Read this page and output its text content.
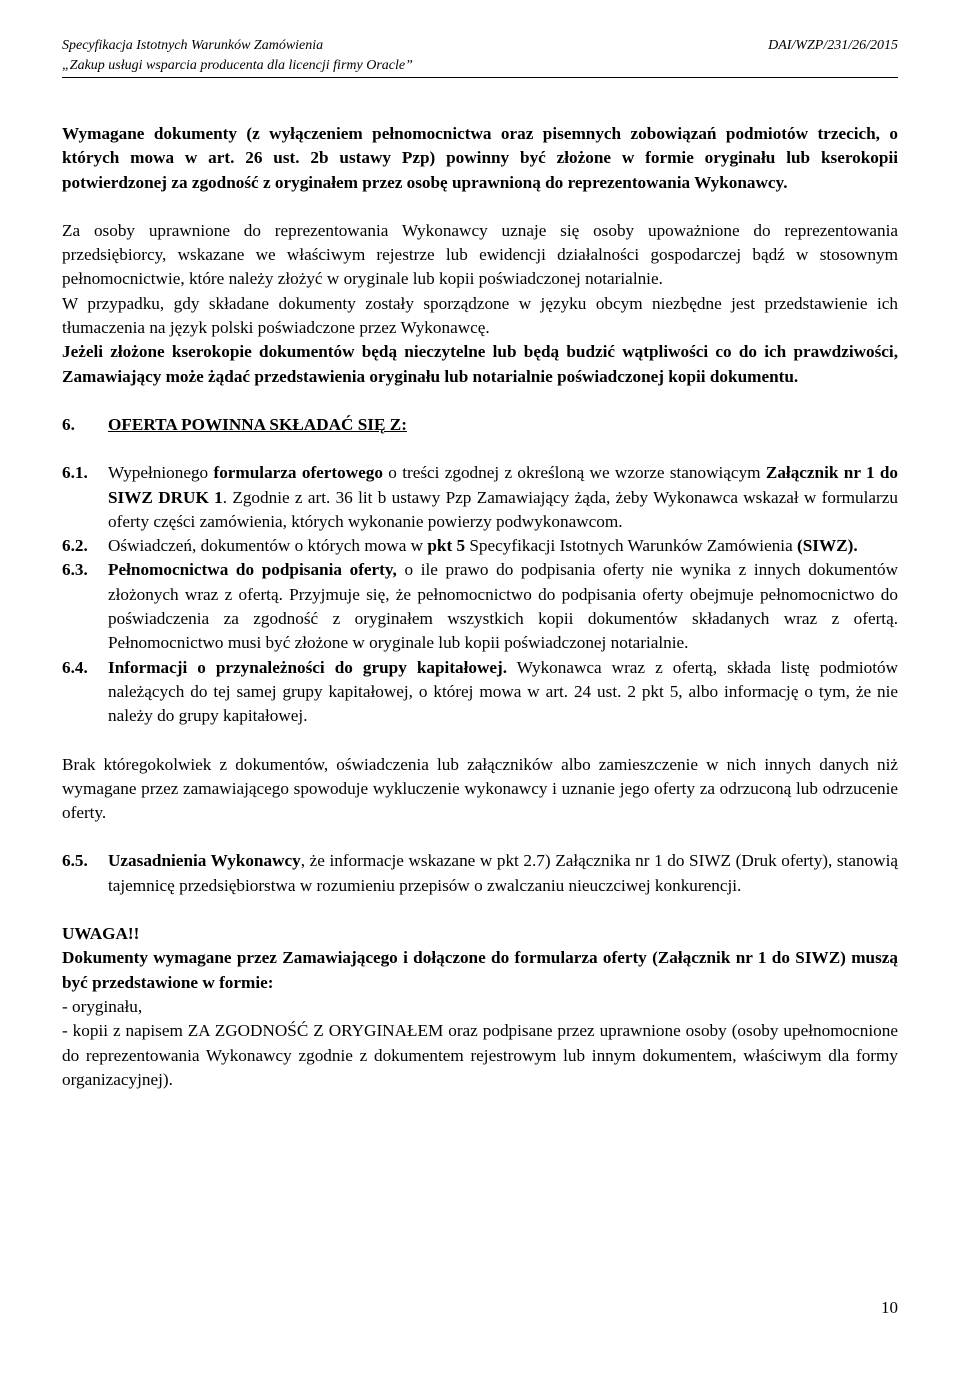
Specyfikacja Istotnych Warunków Zamówienia	DAI/WZP/231/26/2015
„Zakup usługi wsparcia producenta dla licencji firmy Oracle”

Wymagane dokumenty (z wyłączeniem pełnomocnictwa oraz pisemnych zobowiązań podmiotów trzecich, o których mowa w art. 26 ust. 2b ustawy Pzp) powinny być złożone w formie oryginału lub kserokopii potwierdzonej za zgodność z oryginałem przez osobę uprawnioną do reprezentowania Wykonawcy.

Za osoby uprawnione do reprezentowania Wykonawcy uznaje się osoby upoważnione do reprezentowania przedsiębiorcy, wskazane we właściwym rejestrze lub ewidencji działalności gospodarczej bądź w stosownym pełnomocnictwie, które należy złożyć w oryginale lub kopii poświadczonej notarialnie.

W przypadku, gdy składane dokumenty zostały sporządzone w języku obcym niezbędne jest przedstawienie ich tłumaczenia na język polski poświadczone przez Wykonawcę.

Jeżeli złożone kserokopie dokumentów będą nieczytelne lub będą budzić wątpliwości co do ich prawdziwości, Zamawiający może żądać przedstawienia oryginału lub notarialnie poświadczonej kopii dokumentu.

6.	OFERTA POWINNA SKŁADAĆ SIĘ Z:
6.1.	Wypełnionego formularza ofertowego o treści zgodnej z określoną we wzorze stanowiącym Załącznik nr 1 do SIWZ DRUK 1. Zgodnie z art. 36 lit b ustawy Pzp Zamawiający żąda, żeby Wykonawca wskazał w formularzu oferty części zamówienia, których wykonanie powierzy podwykonawcom.
6.2.	Oświadczeń, dokumentów o których mowa w pkt 5 Specyfikacji Istotnych Warunków Zamówienia (SIWZ).
6.3.	Pełnomocnictwa do podpisania oferty, o ile prawo do podpisania oferty nie wynika z innych dokumentów złożonych wraz z ofertą. Przyjmuje się, że pełnomocnictwo do podpisania oferty obejmuje pełnomocnictwo do poświadczenia za zgodność z oryginałem wszystkich kopii dokumentów składanych wraz z ofertą. Pełnomocnictwo musi być złożone w oryginale lub kopii poświadczonej notarialnie.
6.4.	Informacji o przynależności do grupy kapitałowej. Wykonawca wraz z ofertą, składa listę podmiotów należących do tej samej grupy kapitałowej, o której mowa w art. 24 ust. 2 pkt 5, albo informację o tym, że nie należy do grupy kapitałowej.

Brak któregokolwiek z dokumentów, oświadczenia lub załączników albo zamieszczenie w nich innych danych niż wymagane przez zamawiającego spowoduje wykluczenie wykonawcy i uznanie jego oferty za odrzuconą lub odrzucenie oferty.

6.5.	Uzasadnienia Wykonawcy, że informacje wskazane w pkt 2.7) Załącznika nr 1 do SIWZ (Druk oferty), stanowią tajemnicę przedsiębiorstwa w rozumieniu przepisów o zwalczaniu nieuczciwej konkurencji.

UWAGA!!

Dokumenty wymagane przez Zamawiającego i dołączone do formularza oferty (Załącznik nr 1 do SIWZ) muszą być przedstawione w formie:

- oryginału,

- kopii z napisem ZA ZGODNOŚĆ Z ORYGINAŁEM oraz podpisane przez uprawnione osoby (osoby upełnomocnione do reprezentowania Wykonawcy zgodnie z dokumentem rejestrowym lub innym dokumentem, właściwym dla formy organizacyjnej).

10
